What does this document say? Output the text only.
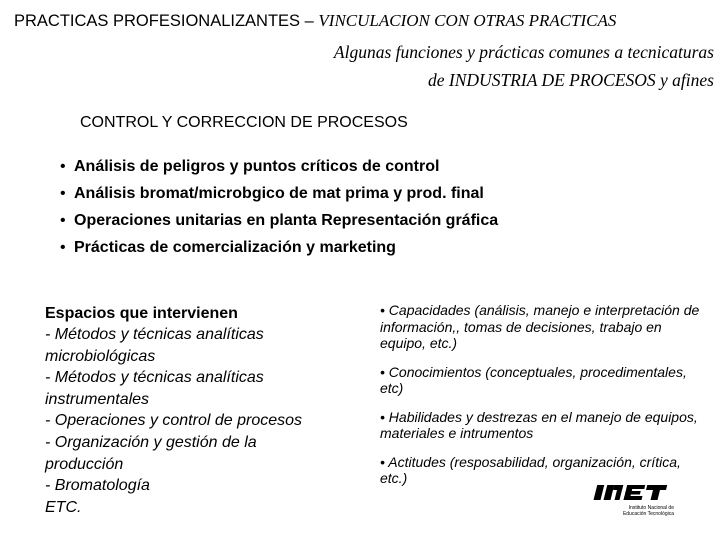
PRACTICAS PROFESIONALIZANTES – VINCULACION CON OTRAS PRACTICAS
Algunas funciones y prácticas comunes a tecnicaturas
de INDUSTRIA DE PROCESOS y afines
CONTROL Y CORRECCION DE PROCESOS
• Análisis de peligros y puntos críticos de control
• Análisis bromat/microbgico de mat prima y prod. final
• Operaciones unitarias en planta Representación gráfica
• Prácticas de comercialización y marketing
Espacios que intervienen
- Métodos y técnicas analíticas
microbiológicas
- Métodos y técnicas analíticas
instrumentales
- Operaciones y control de procesos
- Organización y gestión de la
producción
- Bromatología
ETC.
• Capacidades (análisis, manejo e interpretación de información,, tomas de decisiones, trabajo en equipo, etc.)
• Conocimientos (conceptuales, procedimentales, etc)
• Habilidades y destrezas en el manejo de equipos, materiales e intrumentos
• Actitudes (resposabilidad, organización, crítica, etc.)
Instituto Nacional de
Educación Tecnológica
